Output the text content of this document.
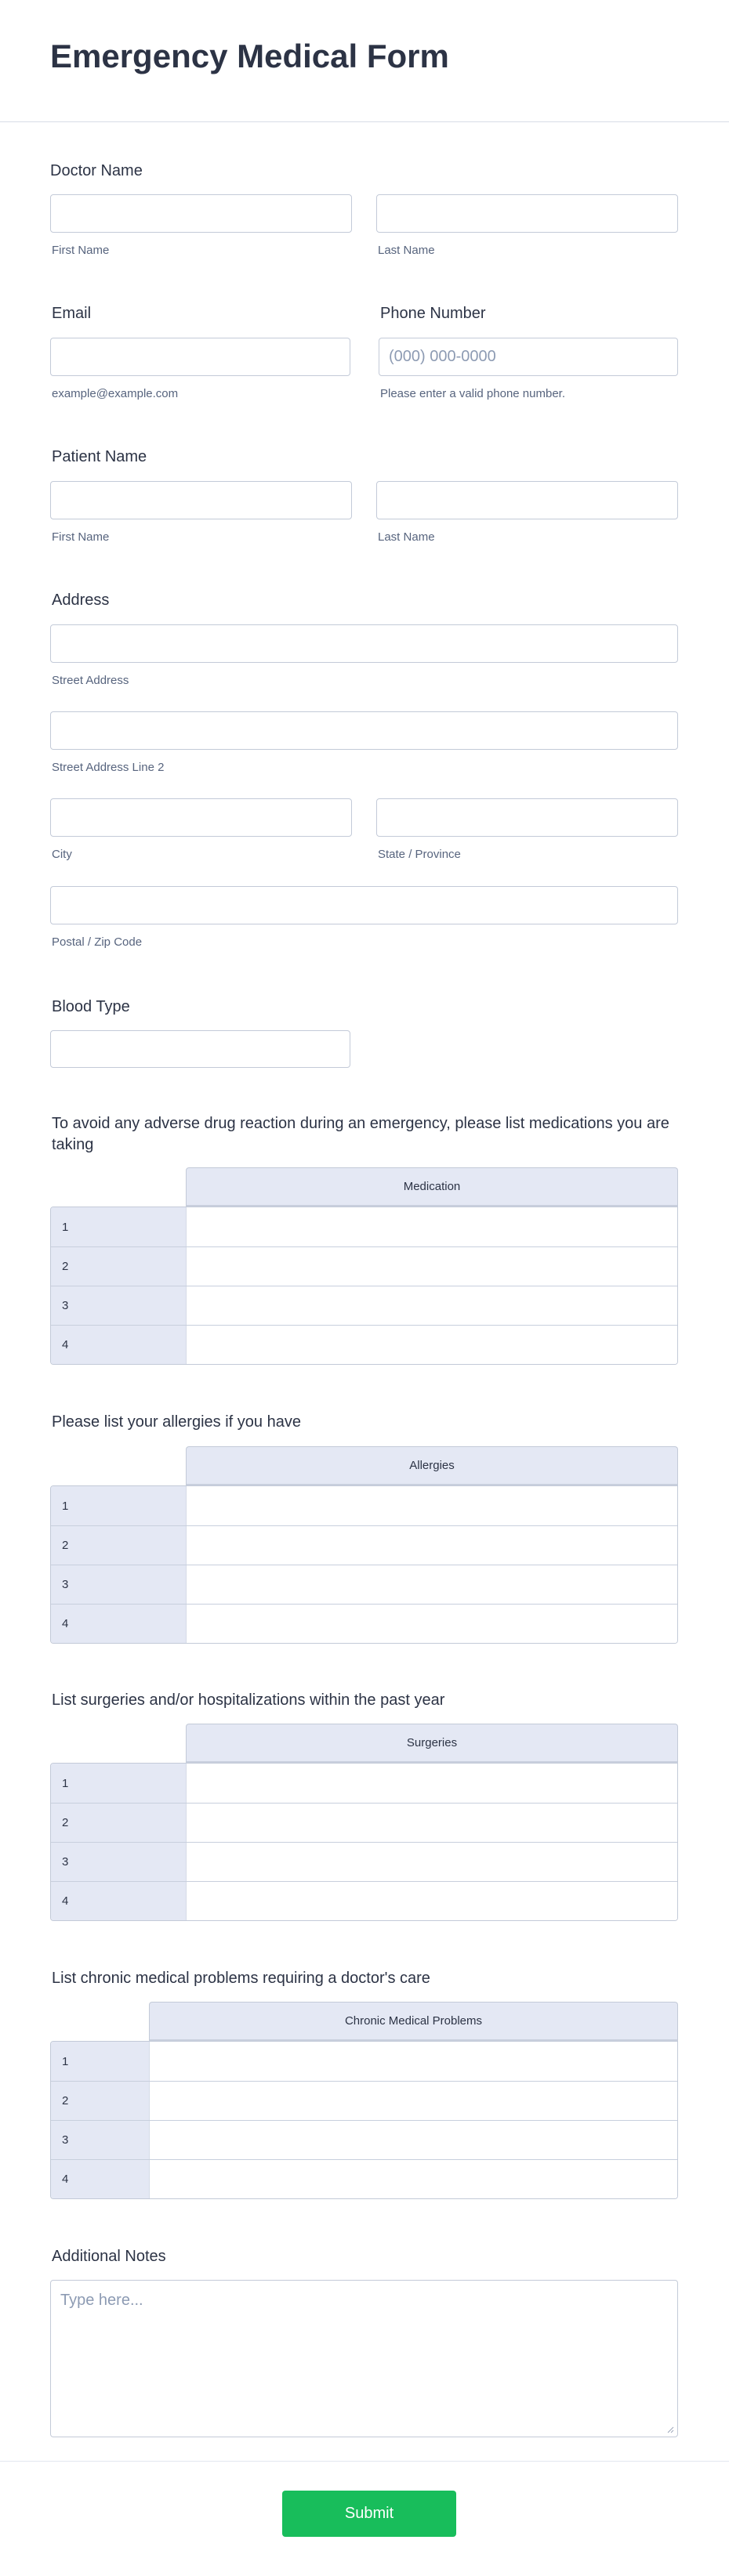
Emergency Medical Form
Doctor Name
First Name	Last Name
Email	Phone Number
(000) 000-0000
example@example.com	Please enter a valid phone number.
Patient Name
First Name	Last Name
Address
Street Address
Street Address Line 2
City	State / Province
Postal / Zip Code
Blood Type
To avoid any adverse drug reaction during an emergency, please list medications you are taking
Medication
1
2
3
4
Please list your allergies if you have
Allergies
1
2
3
4
List surgeries and/or hospitalizations within the past year
Surgeries
1
2
3
4
List chronic medical problems requiring a doctor's care
Chronic Medical Problems
1
2
3
4
Additional Notes
Type here...
Submit
